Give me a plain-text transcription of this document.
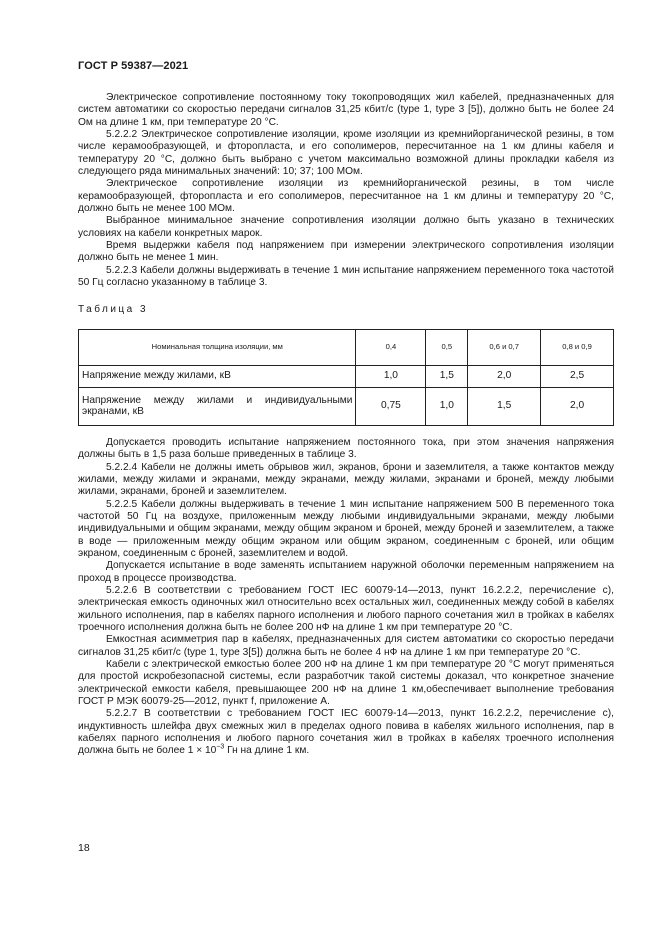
ГОСТ Р 59387—2021

Электрическое сопротивление постоянному току токопроводящих жил кабелей, предназначенных для систем автоматики со скоростью передачи сигналов 31,25 кбит/с (type 1, type 3 [5]), должно быть не более 24 Ом на длине 1 км, при температуре 20 °С.

5.2.2.2 Электрическое сопротивление изоляции, кроме изоляции из кремнийорганической резины, в том числе керамообразующей, и фторопласта, и его сополимеров, пересчитанное на 1 км длины кабеля и температуру 20 °С, должно быть выбрано с учетом максимально возможной длины прокладки кабеля из следующего ряда минимальных значений: 10; 37; 100 МОм.

Электрическое сопротивление изоляции из кремнийорганической резины, в том числе керамообразующей, фторопласта и его сополимеров, пересчитанное на 1 км длины и температуру 20 °С, должно быть не менее 100 МОм.

Выбранное минимальное значение сопротивления изоляции должно быть указано в технических условиях на кабели конкретных марок.

Время выдержки кабеля под напряжением при измерении электрического сопротивления изоляции должно быть не менее 1 мин.

5.2.2.3 Кабели должны выдерживать в течение 1 мин испытание напряжением переменного тока частотой 50 Гц согласно указанному в таблице 3.

Таблица 3
Номинальная толщина изоляции, мм	0,4	0,5	0,6 и 0,7	0,8 и 0,9
Напряжение между жилами, кВ	1,0	1,5	2,0	2,5

Напряжение между жилами и индивидуальными
экранами, кВ	0,75	1,0	1,5	2,0

Допускается проводить испытание напряжением постоянного тока, при этом значения напряжения должны быть в 1,5 раза больше приведенных в таблице 3.

5.2.2.4 Кабели не должны иметь обрывов жил, экранов, брони и заземлителя, а также контактов между жилами, между жилами и экранами, между экранами, между жилами, экранами и броней, между любыми жилами, экранами, броней и заземлителем.

5.2.2.5 Кабели должны выдерживать в течение 1 мин испытание напряжением 500 В переменного тока частотой 50 Гц на воздухе, приложенным между любыми индивидуальными экранами, между любыми индивидуальными и общим экранами, между общим экраном и броней, между броней и заземлителем, а также в воде — приложенным между общим экраном или общим экраном, соединенным с броней, или общим экраном, соединенным с броней, заземлителем и водой.

Допускается испытание в воде заменять испытанием наружной оболочки переменным напряжением на проход в процессе производства.

5.2.2.6 В соответствии с требованием ГОСТ IEC 60079-14—2013, пункт 16.2.2.2, перечисление с), электрическая емкость одиночных жил относительно всех остальных жил, соединенных между собой в кабелях жильного исполнения, пар в кабелях парного исполнения и любого парного сочетания жил в тройках в кабелях троечного исполнения должна быть не более 200 нФ на длине 1 км при температуре 20 °С.

Емкостная асимметрия пар в кабелях, предназначенных для систем автоматики со скоростью передачи сигналов 31,25 кбит/с (type 1, type 3[5]) должна быть не более 4 нФ на длине 1 км при температуре 20 °С.

Кабели с электрической емкостью более 200 нФ на длине 1 км при температуре 20 °С могут применяться для простой искробезопасной системы, если разработчик такой системы доказал, что конкретное значение электрической емкости кабеля, превышающее 200 нФ на длине 1 км,обеспечивает выполнение требования ГОСТ Р МЭК 60079-25—2012, пункт f, приложение А.

5.2.2.7 В соответствии с требованием ГОСТ IEC 60079-14—2013, пункт 16.2.2.2, перечисление с), индуктивность шлейфа двух смежных жил в пределах одного повива в кабелях жильного исполнения, пар в кабелях парного исполнения и любого парного сочетания жил в тройках в кабелях троечного исполнения должна быть не более $1 \times 10^{-3}$ Гн на длине 1 км.

18
